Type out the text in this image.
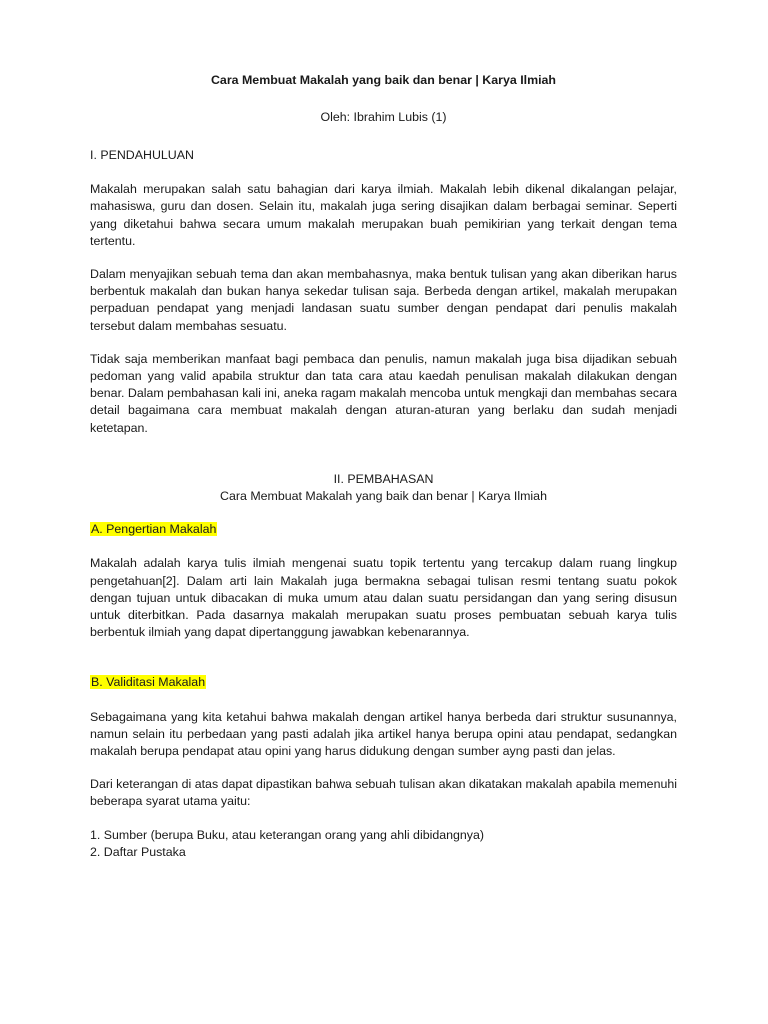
Cara Membuat Makalah yang baik dan benar | Karya Ilmiah
Oleh: Ibrahim Lubis (1)
I. PENDAHULUAN

Makalah merupakan salah satu bahagian dari karya ilmiah. Makalah lebih dikenal dikalangan pelajar, mahasiswa, guru dan dosen. Selain itu, makalah juga sering disajikan dalam berbagai seminar. Seperti yang diketahui bahwa secara umum makalah merupakan buah pemikirian yang terkait dengan tema tertentu.

Dalam menyajikan sebuah tema dan akan membahasnya, maka bentuk tulisan yang akan diberikan harus berbentuk makalah dan bukan hanya sekedar tulisan saja. Berbeda dengan artikel, makalah merupakan perpaduan pendapat yang menjadi landasan suatu sumber dengan pendapat dari penulis makalah tersebut dalam membahas sesuatu.

Tidak saja memberikan manfaat bagi pembaca dan penulis, namun makalah juga bisa dijadikan sebuah pedoman yang valid apabila struktur dan tata cara atau kaedah penulisan makalah dilakukan dengan benar. Dalam pembahasan kali ini, aneka ragam makalah mencoba untuk mengkaji dan membahas secara detail bagaimana cara membuat makalah dengan aturan-aturan yang berlaku dan sudah menjadi ketetapan.

II. PEMBAHASAN

Cara Membuat Makalah yang baik dan benar | Karya Ilmiah

A. Pengertian Makalah

Makalah adalah karya tulis ilmiah mengenai suatu topik tertentu yang tercakup dalam ruang lingkup pengetahuan[2]. Dalam arti lain Makalah juga bermakna sebagai tulisan resmi tentang suatu pokok dengan tujuan untuk dibacakan di muka umum atau dalan suatu persidangan dan yang sering disusun untuk diterbitkan. Pada dasarnya makalah merupakan suatu proses pembuatan sebuah karya tulis berbentuk ilmiah yang dapat dipertanggung jawabkan kebenarannya.

B. Validitasi Makalah

Sebagaimana yang kita ketahui bahwa makalah dengan artikel hanya berbeda dari struktur susunannya, namun selain itu perbedaan yang pasti adalah jika artikel hanya berupa opini atau pendapat, sedangkan makalah berupa pendapat atau opini yang harus didukung dengan sumber ayng pasti dan jelas.

Dari keterangan di atas dapat dipastikan bahwa sebuah tulisan akan dikatakan makalah apabila memenuhi beberapa syarat utama yaitu:

1. Sumber (berupa Buku, atau keterangan orang yang ahli dibidangnya)
2. Daftar Pustaka
